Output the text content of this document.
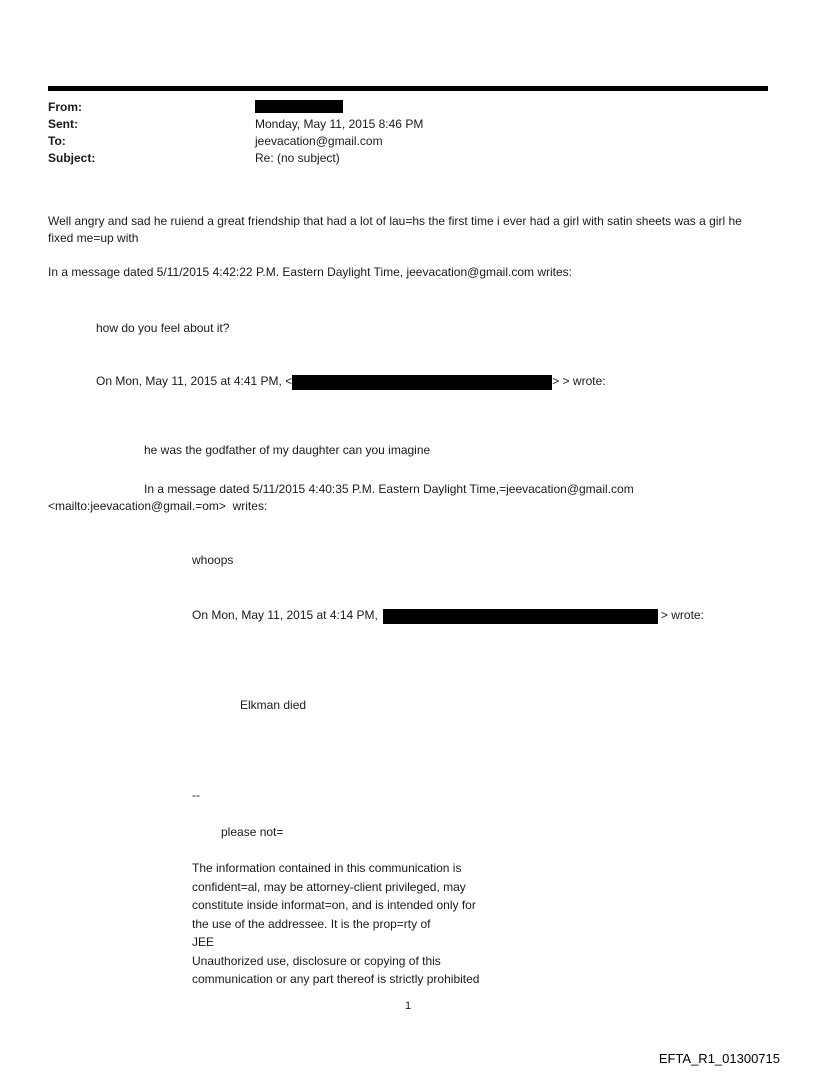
From:
Sent:	Monday, May 11, 2015 8:46 PM
To:	jeevacation@gmail.com
Subject:	Re: (no subject)
Well angry and sad he ruiend a great friendship that had a lot of lau=hs the first time i ever had a girl with satin sheets was a girl he fixed me=up with
In a message dated 5/11/2015 4:42:22 P.M. Eastern Daylight Time, jeevacation@gmail.com writes:
how do you feel about it?
On Mon, May 11, 2015 at 4:41 PM, <	> > wrote:
he was the godfather of my daughter can you imagine
In a message dated 5/11/2015 4:40:35 P.M. Eastern Daylight Time,=jeevacation@gmail.com
<mailto:jeevacation@gmail.=om>  writes:
whoops
On Mon, May 11, 2015 at 4:14 PM,	> wrote:
Elkman died
--
please not=
The information contained in this communication is
confident=al, may be attorney-client privileged, may
constitute inside informat=on, and is intended only for
the use of the addressee. It is the prop=rty of
JEE
Unauthorized use, disclosure or copying of this
communication or any part thereof is strictly prohibited
1
EFTA_R1_01300715
